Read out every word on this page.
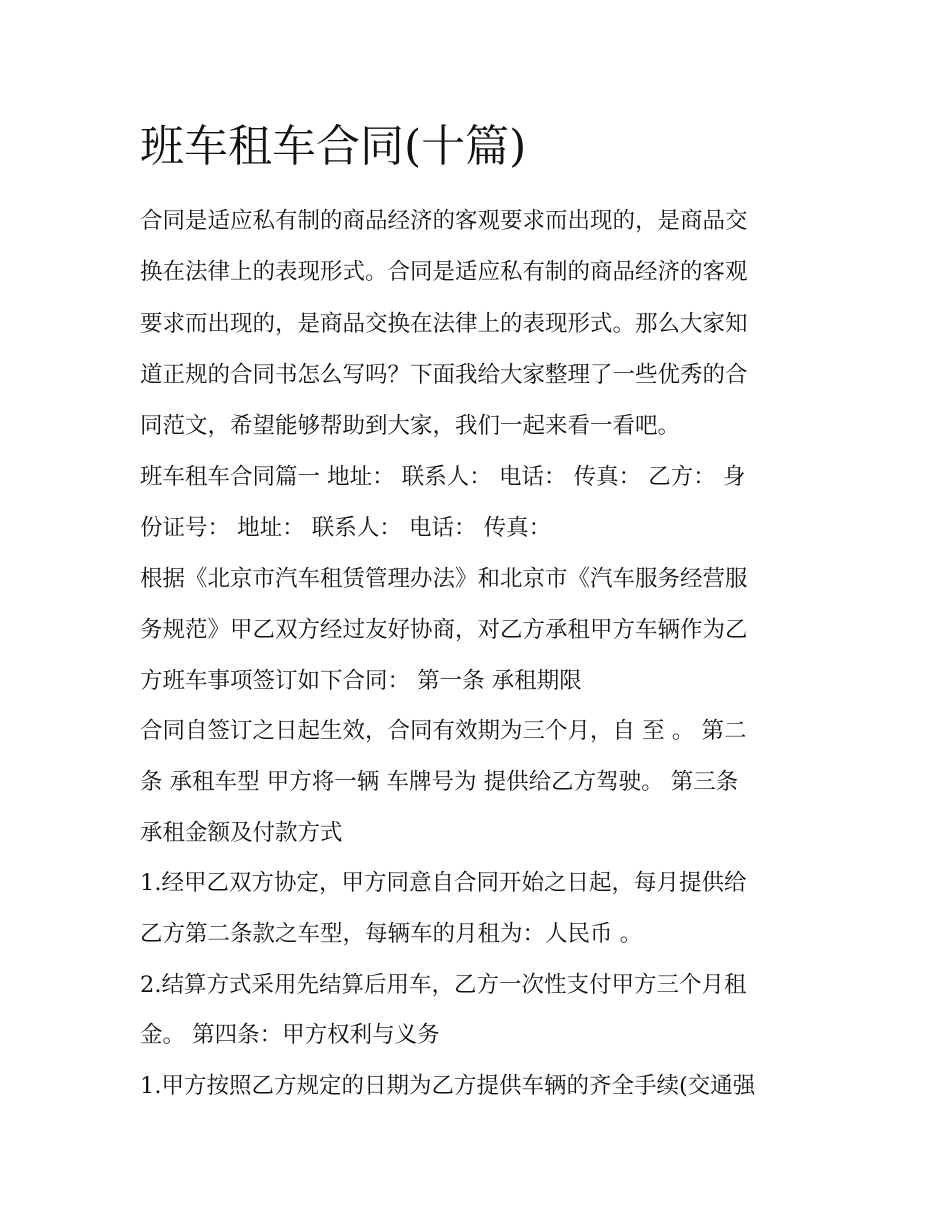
班车租车合同(十篇)

合同是适应私有制的商品经济的客观要求而出现的，是商品交

换在法律上的表现形式。合同是适应私有制的商品经济的客观

要求而出现的，是商品交换在法律上的表现形式。那么大家知

道正规的合同书怎么写吗？下面我给大家整理了一些优秀的合

同范文，希望能够帮助到大家，我们一起来看一看吧。

班车租车合同篇一 地址： 联系人： 电话： 传真： 乙方： 身

份证号： 地址： 联系人： 电话： 传真：

根据《北京市汽车租赁管理办法》和北京市《汽车服务经营服

务规范》甲乙双方经过友好协商，对乙方承租甲方车辆作为乙

方班车事项签订如下合同： 第一条 承租期限

合同自签订之日起生效，合同有效期为三个月，自 至 。 第二

条 承租车型 甲方将一辆 车牌号为 提供给乙方驾驶。 第三条

承租金额及付款方式

1.经甲乙双方协定，甲方同意自合同开始之日起，每月提供给

乙方第二条款之车型，每辆车的月租为：人民币 。

2.结算方式采用先结算后用车，乙方一次性支付甲方三个月租

金。 第四条：甲方权利与义务

1.甲方按照乙方规定的日期为乙方提供车辆的齐全手续(交通强
